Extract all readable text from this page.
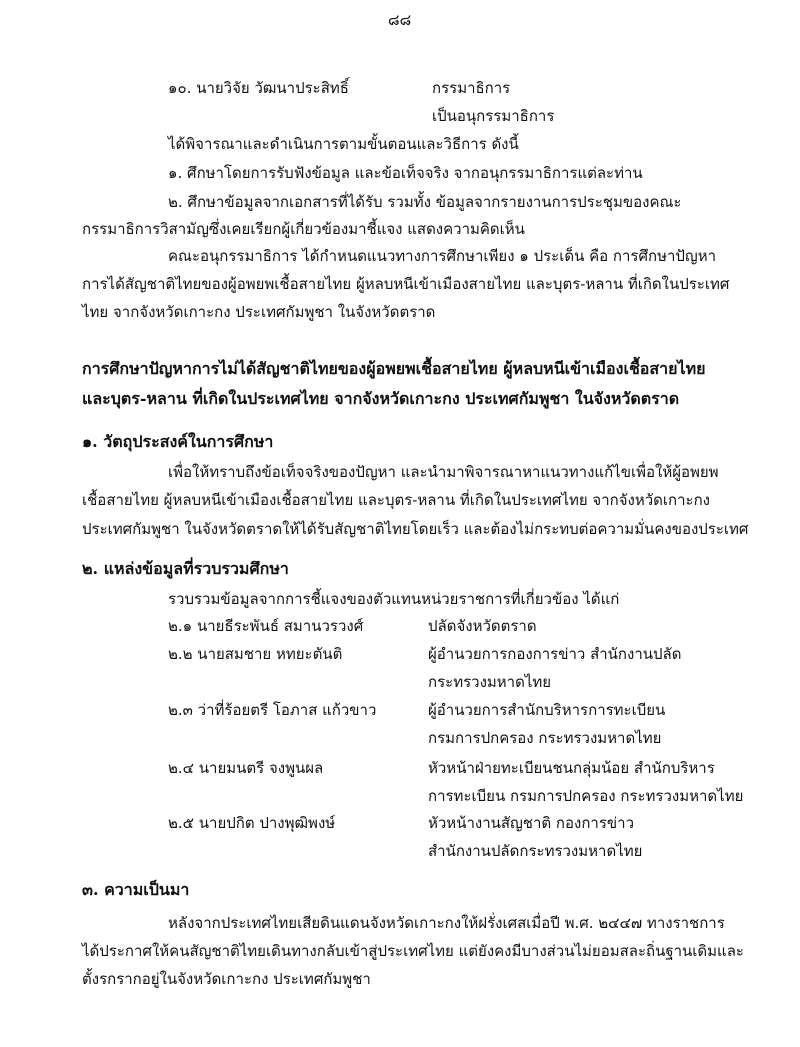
๘๘
๑๐. นายวิจัย วัฒนาประสิทธิ์	กรรมาธิการ
เป็นอนุกรรมาธิการ
ได้พิจารณาและดำเนินการตามขั้นตอนและวิธีการ ดังนี้
๑. ศึกษาโดยการรับฟังข้อมูล และข้อเท็จจริง จากอนุกรรมาธิการแต่ละท่าน
๒. ศึกษาข้อมูลจากเอกสารที่ได้รับ รวมทั้ง ข้อมูลจากรายงานการประชุมของคณะ
กรรมาธิการวิสามัญซึ่งเคยเรียกผู้เกี่ยวข้องมาชี้แจง แสดงความคิดเห็น
คณะอนุกรรมาธิการ ได้กำหนดแนวทางการศึกษาเพียง ๑ ประเด็น คือ การศึกษาปัญหา
การได้สัญชาติไทยของผู้อพยพเชื้อสายไทย ผู้หลบหนีเข้าเมืองสายไทย และบุตร-หลาน ที่เกิดในประเทศ
ไทย จากจังหวัดเกาะกง ประเทศกัมพูชา ในจังหวัดตราด
การศึกษาปัญหาการไม่ได้สัญชาติไทยของผู้อพยพเชื้อสายไทย ผู้หลบหนีเข้าเมืองเชื้อสายไทย
และบุตร-หลาน ที่เกิดในประเทศไทย จากจังหวัดเกาะกง ประเทศกัมพูชา ในจังหวัดตราด
๑. วัตถุประสงค์ในการศึกษา
เพื่อให้ทราบถึงข้อเท็จจริงของปัญหา และนำมาพิจารณาหาแนวทางแก้ไขเพื่อให้ผู้อพยพ
เชื้อสายไทย ผู้หลบหนีเข้าเมืองเชื้อสายไทย และบุตร-หลาน ที่เกิดในประเทศไทย จากจังหวัดเกาะกง
ประเทศกัมพูชา ในจังหวัดตราดให้ได้รับสัญชาติไทยโดยเร็ว และต้องไม่กระทบต่อความมั่นคงของประเทศ
๒. แหล่งข้อมูลที่รวบรวมศึกษา
รวบรวมข้อมูลจากการชี้แจงของตัวแทนหน่วยราชการที่เกี่ยวข้อง ได้แก่
๒.๑ นายธีระพันธ์ สมานวรวงศ์	ปลัดจังหวัดตราด
๒.๒ นายสมชาย หทยะตันติ	ผู้อำนวยการกองการข่าว สำนักงานปลัด
กระทรวงมหาดไทย
๒.๓ ว่าที่ร้อยตรี โอภาส แก้วขาว	ผู้อำนวยการสำนักบริหารการทะเบียน
กรมการปกครอง กระทรวงมหาดไทย
๒.๔ นายมนตรี จงพูนผล	หัวหน้าฝ่ายทะเบียนชนกลุ่มน้อย สำนักบริหาร
การทะเบียน กรมการปกครอง กระทรวงมหาดไทย
๒.๕ นายปกิต ปางพุฒิพงษ์	หัวหน้างานสัญชาติ กองการข่าว
สำนักงานปลัดกระทรวงมหาดไทย
๓. ความเป็นมา
หลังจากประเทศไทยเสียดินแดนจังหวัดเกาะกงให้ฝรั่งเศสเมื่อปี พ.ศ. ๒๔๔๗ ทางราชการ
ได้ประกาศให้คนสัญชาติไทยเดินทางกลับเข้าสู่ประเทศไทย แต่ยังคงมีบางส่วนไม่ยอมสละถิ่นฐานเดิมและ
ตั้งรกรากอยู่ในจังหวัดเกาะกง ประเทศกัมพูชา
